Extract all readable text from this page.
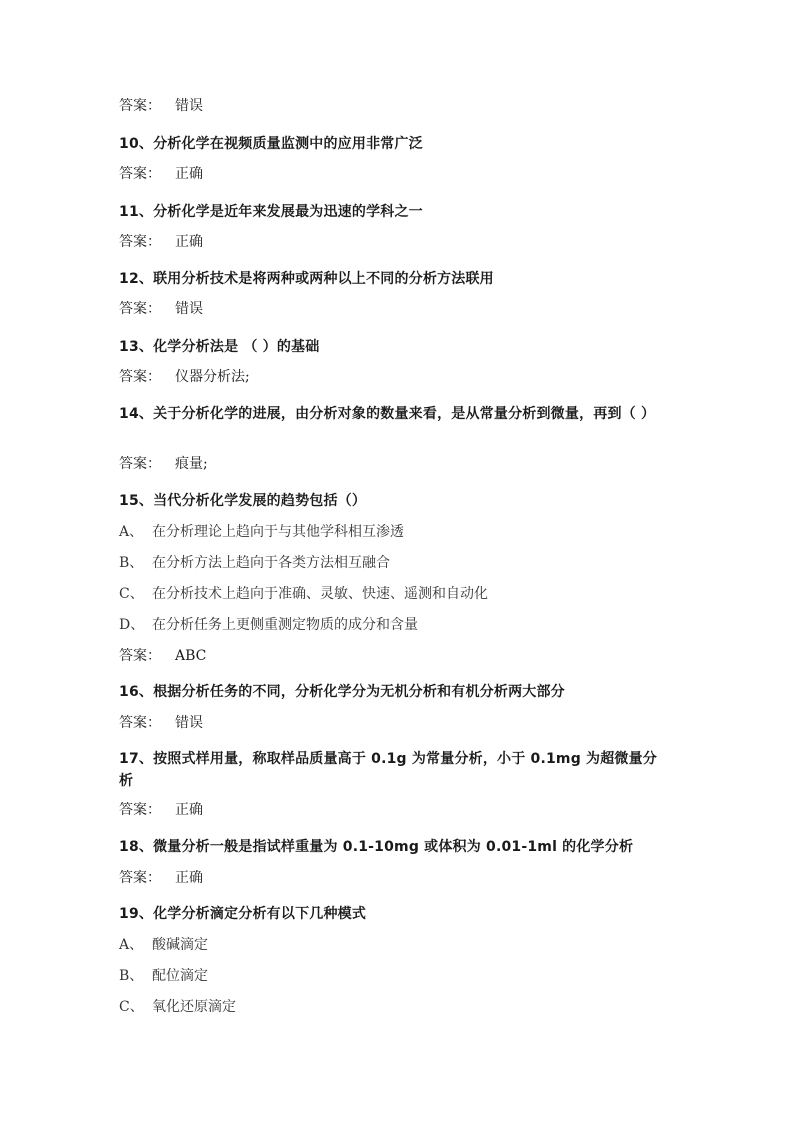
答案： 错误
10、分析化学在视频质量监测中的应用非常广泛
答案： 正确
11、分析化学是近年来发展最为迅速的学科之一
答案： 正确
12、联用分析技术是将两种或两种以上不同的分析方法联用
答案： 错误
13、化学分析法是 （ ）的基础
答案： 仪器分析法;
14、关于分析化学的进展，由分析对象的数量来看，是从常量分析到微量，再到（ ）
答案： 痕量;
15、当代分析化学发展的趋势包括（）
A、 在分析理论上趋向于与其他学科相互渗透
B、 在分析方法上趋向于各类方法相互融合
C、 在分析技术上趋向于准确、灵敏、快速、遥测和自动化
D、 在分析任务上更侧重测定物质的成分和含量
答案： ABC
16、根据分析任务的不同，分析化学分为无机分析和有机分析两大部分
答案： 错误
17、按照式样用量，称取样品质量高于 0.1g 为常量分析，小于 0.1mg 为超微量分析
答案： 正确
18、微量分析一般是指试样重量为 0.1-10mg 或体积为 0.01-1ml 的化学分析
答案： 正确
19、化学分析滴定分析有以下几种模式
A、 酸碱滴定
B、 配位滴定
C、 氧化还原滴定
